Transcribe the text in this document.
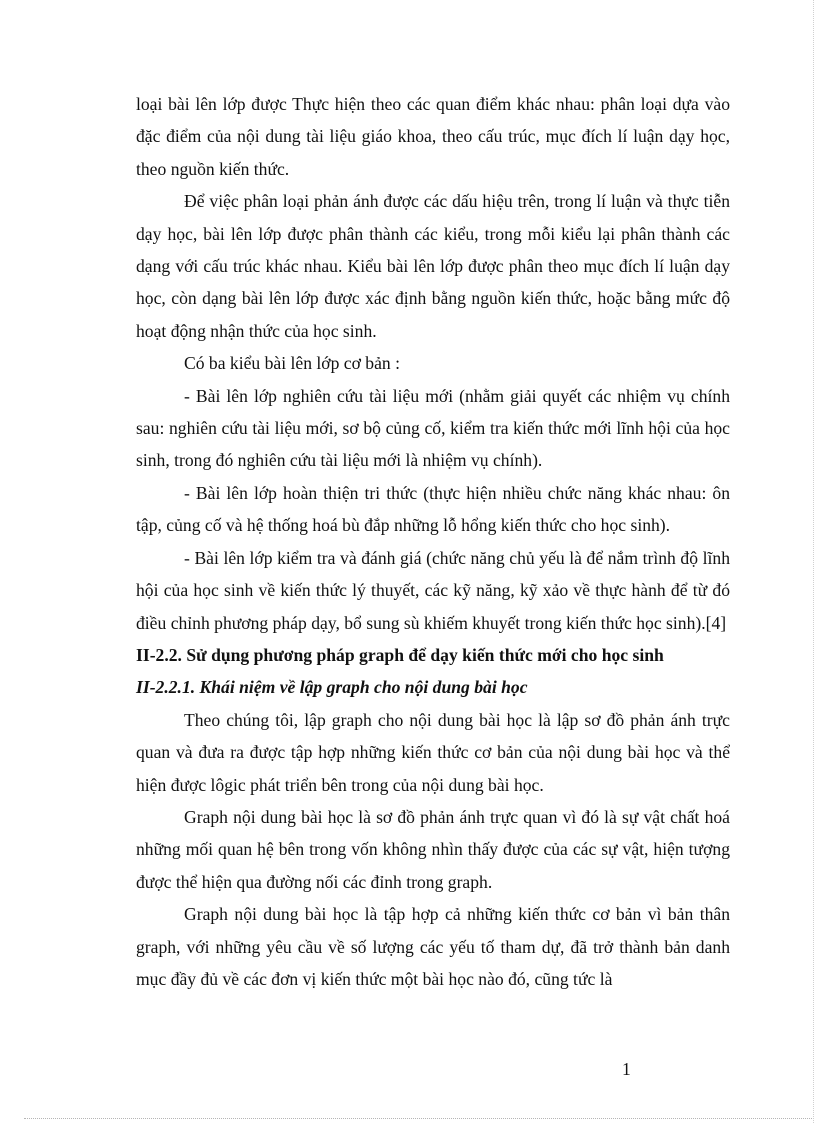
loại bài lên lớp được Thực hiện theo các quan điểm khác nhau: phân loại dựa vào đặc điểm của nội dung tài liệu giáo khoa, theo cấu trúc, mục đích lí luận dạy học, theo nguồn kiến thức.

Để việc phân loại phản ánh được các dấu hiệu trên, trong lí luận và thực tiễn dạy học, bài lên lớp được phân thành các kiểu, trong mỗi kiểu lại phân thành các dạng với cấu trúc khác nhau. Kiểu bài lên lớp được phân theo mục đích lí luận dạy học, còn dạng bài lên lớp được xác định bằng nguồn kiến thức, hoặc bằng mức độ hoạt động nhận thức của học sinh.

Có ba kiểu bài lên lớp cơ bản :

- Bài lên lớp nghiên cứu tài liệu mới (nhằm giải quyết các nhiệm vụ chính sau: nghiên cứu tài liệu mới, sơ bộ củng cố, kiểm tra kiến thức mới lĩnh hội của học sinh, trong đó nghiên cứu tài liệu mới là nhiệm vụ chính).

- Bài lên lớp hoàn thiện tri thức (thực hiện nhiều chức năng khác nhau: ôn tập, củng cố và hệ thống hoá bù đắp những lỗ hổng kiến thức cho học sinh).

- Bài lên lớp kiểm tra và đánh giá (chức năng chủ yếu là để nắm trình độ lĩnh hội của học sinh về kiến thức lý thuyết, các kỹ năng, kỹ xảo về thực hành để từ đó điều chỉnh phương pháp dạy, bổ sung sù khiếm khuyết trong kiến thức học sinh).[4]

II-2.2. Sử dụng phương pháp graph để dạy kiến thức mới cho học sinh

II-2.2.1. Khái niệm về lập graph cho nội dung bài học

Theo chúng tôi, lập graph cho nội dung bài học là lập sơ đồ phản ánh trực quan và đưa ra được tập hợp những kiến thức cơ bản của nội dung bài học và thể hiện được lôgic phát triển bên trong của nội dung bài học.

Graph nội dung bài học là sơ đồ phản ánh trực quan vì đó là sự vật chất hoá những mối quan hệ bên trong vốn không nhìn thấy được của các sự vật, hiện tượng được thể hiện qua đường nối các đỉnh trong graph.

Graph nội dung bài học là tập hợp cả những kiến thức cơ bản vì bản thân graph, với những yêu cầu về số lượng các yếu tố tham dự, đã trở thành bản danh mục đầy đủ về các đơn vị kiến thức một bài học nào đó, cũng tức là

1
